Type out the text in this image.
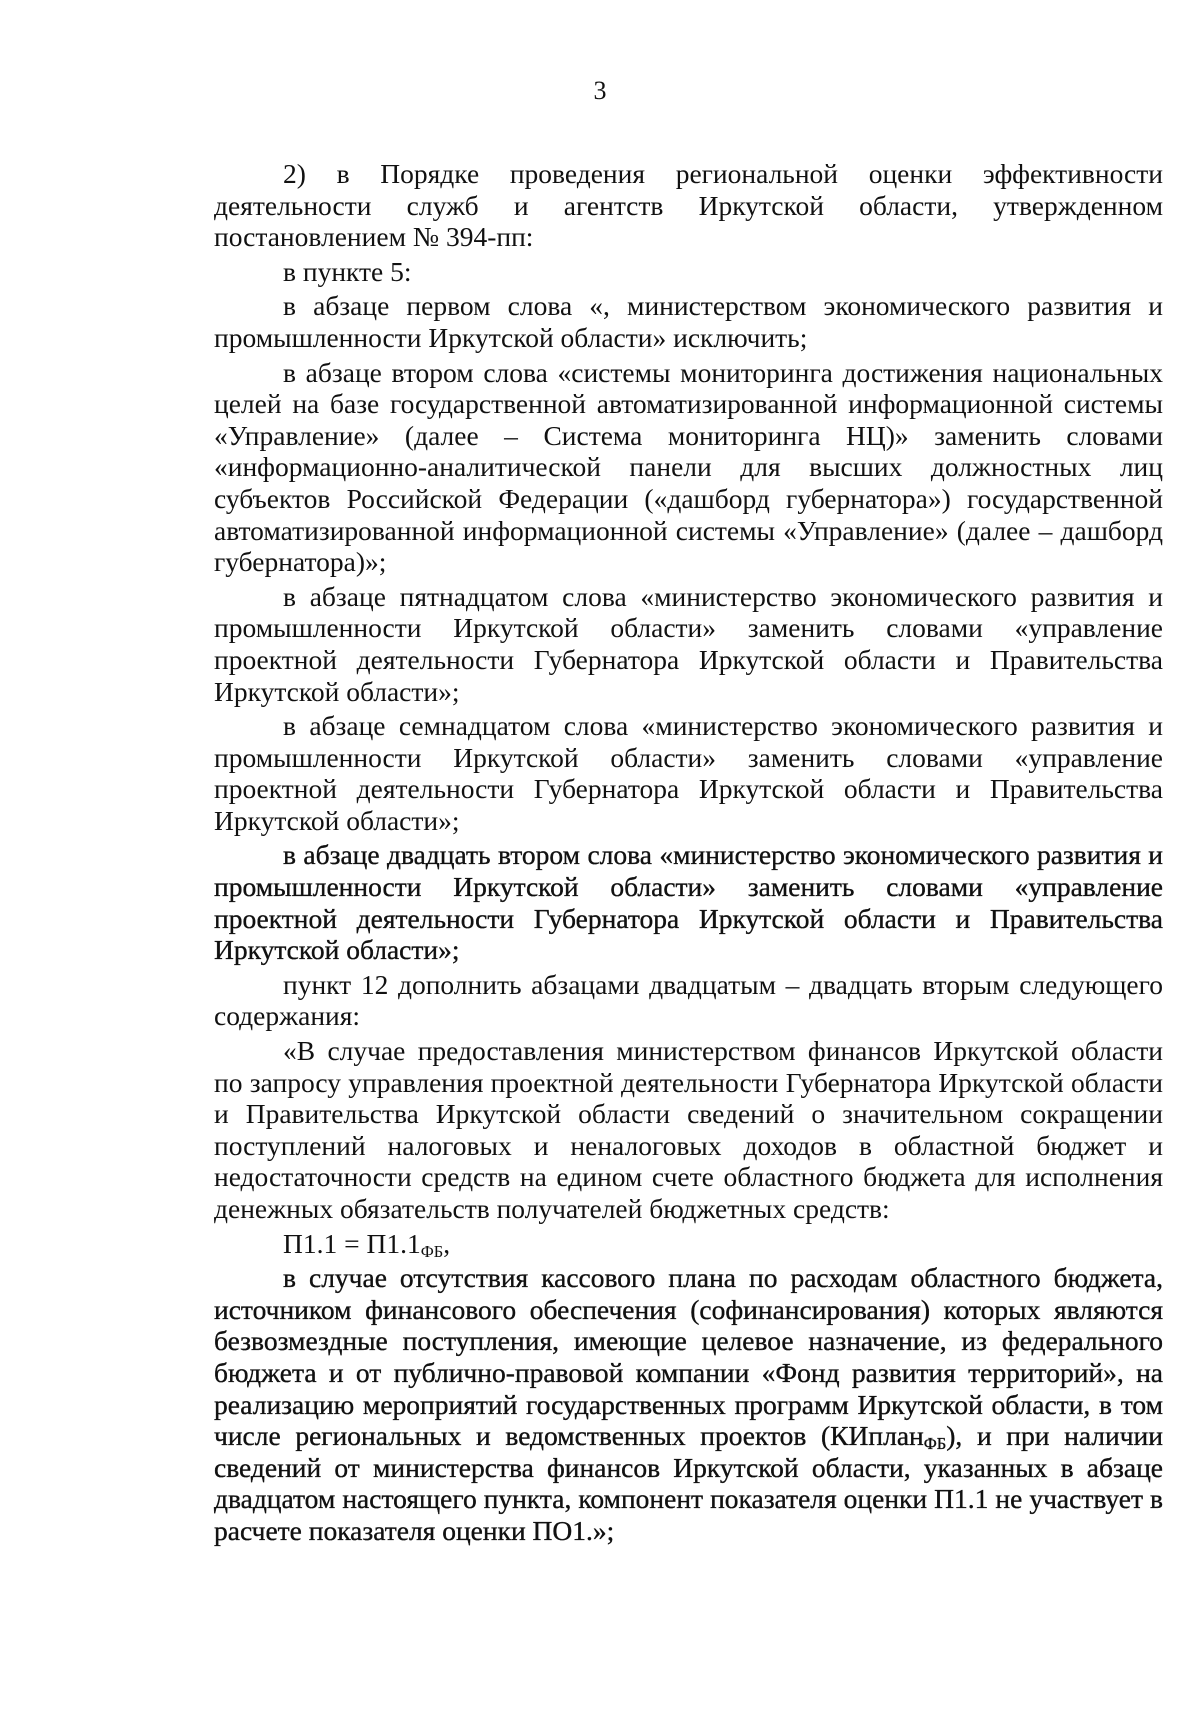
3

2) в Порядке проведения региональной оценки эффективности деятельности служб и агентств Иркутской области, утвержденном постановлением № 394-пп:

в пункте 5:

в абзаце первом слова «, министерством экономического развития и промышленности Иркутской области» исключить;

в абзаце втором слова «системы мониторинга достижения национальных целей на базе государственной автоматизированной информационной системы «Управление» (далее – Система мониторинга НЦ)» заменить словами «информационно-аналитической панели для высших должностных лиц субъектов Российской Федерации («дашборд губернатора») государственной автоматизированной информационной системы «Управление» (далее – дашборд губернатора)»;

в абзаце пятнадцатом слова «министерство экономического развития и промышленности Иркутской области» заменить словами «управление проектной деятельности Губернатора Иркутской области и Правительства Иркутской области»;

в абзаце семнадцатом слова «министерство экономического развития и промышленности Иркутской области» заменить словами «управление проектной деятельности Губернатора Иркутской области и Правительства Иркутской области»;

в абзаце двадцать втором слова «министерство экономического развития и промышленности Иркутской области» заменить словами «управление проектной деятельности Губернатора Иркутской области и Правительства Иркутской области»;

пункт 12 дополнить абзацами двадцатым – двадцать вторым следующего содержания:

«В случае предоставления министерством финансов Иркутской области по запросу управления проектной деятельности Губернатора Иркутской области и Правительства Иркутской области сведений о значительном сокращении поступлений налоговых и неналоговых доходов в областной бюджет и недостаточности средств на едином счете областного бюджета для исполнения денежных обязательств получателей бюджетных средств:

$П1.1 = П1.1_{ФБ}$,

в случае отсутствия кассового плана по расходам областного бюджета, источником финансового обеспечения (софинансирования) которых являются безвозмездные поступления, имеющие целевое назначение, из федерального бюджета и от публично-правовой компании «Фонд развития территорий», на реализацию мероприятий государственных программ Иркутской области, в том числе региональных и ведомственных проектов (КИплан$_{ФБ}$), и при наличии сведений от министерства финансов Иркутской области, указанных в абзаце двадцатом настоящего пункта, компонент показателя оценки П1.1 не участвует в расчете показателя оценки ПО1.»;
